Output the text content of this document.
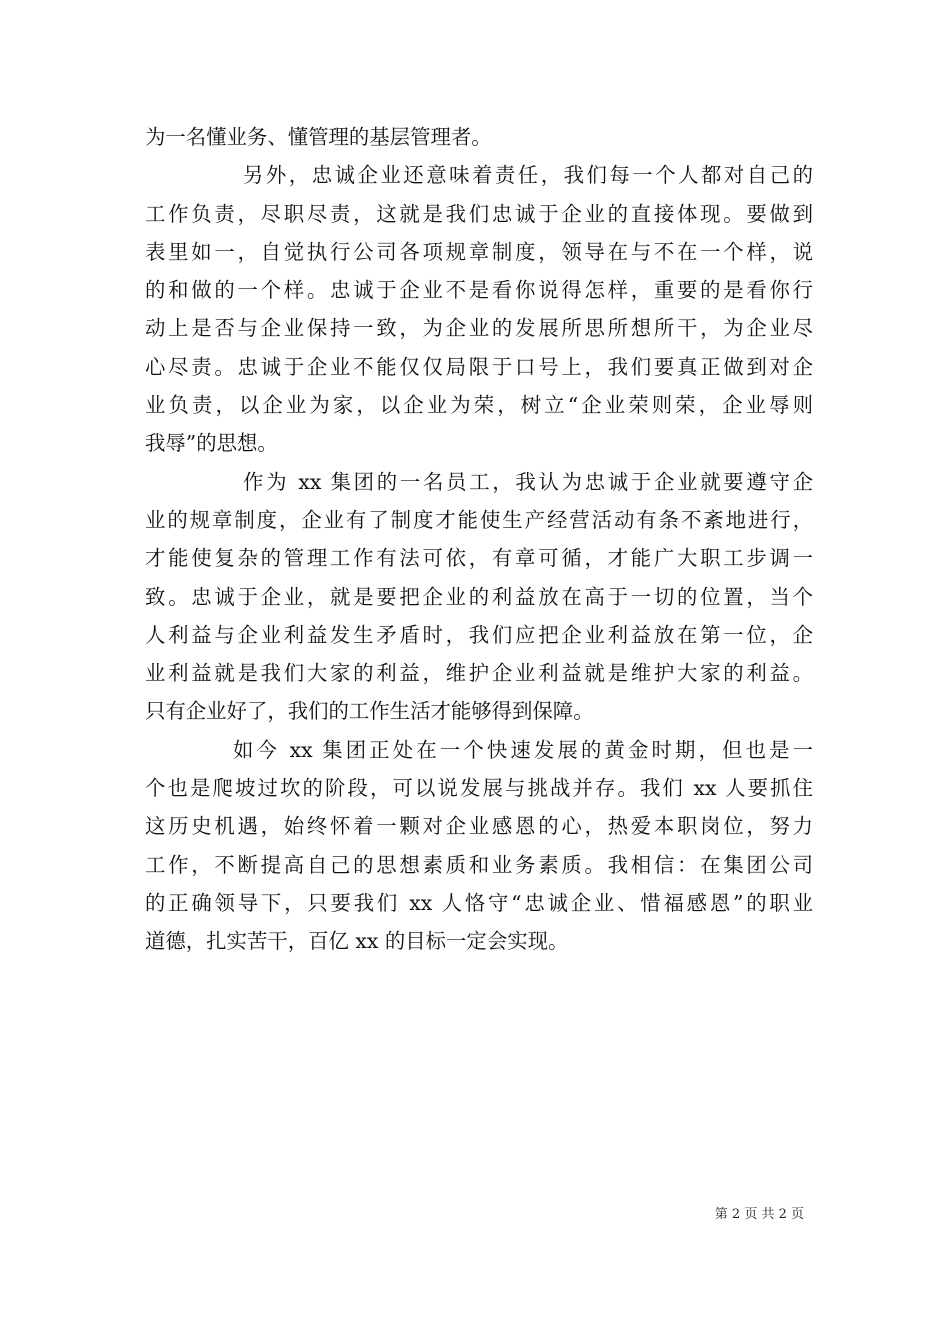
为一名懂业务、懂管理的基层管理者。
另外，忠诚企业还意味着责任，我们每一个人都对自己的
工作负责，尽职尽责，这就是我们忠诚于企业的直接体现。要做到
表里如一，自觉执行公司各项规章制度，领导在与不在一个样，说
的和做的一个样。忠诚于企业不是看你说得怎样，重要的是看你行
动上是否与企业保持一致，为企业的发展所思所想所干，为企业尽
心尽责。忠诚于企业不能仅仅局限于口号上，我们要真正做到对企
业负责，以企业为家，以企业为荣，树立“企业荣则荣，企业辱则
我辱”的思想。
作为 xx 集团的一名员工，我认为忠诚于企业就要遵守企
业的规章制度，企业有了制度才能使生产经营活动有条不紊地进行，
才能使复杂的管理工作有法可依，有章可循，才能广大职工步调一
致。忠诚于企业，就是要把企业的利益放在高于一切的位置，当个
人利益与企业利益发生矛盾时，我们应把企业利益放在第一位，企
业利益就是我们大家的利益，维护企业利益就是维护大家的利益。
只有企业好了，我们的工作生活才能够得到保障。
如今 xx 集团正处在一个快速发展的黄金时期，但也是一
个也是爬坡过坎的阶段，可以说发展与挑战并存。我们 xx 人要抓住
这历史机遇，始终怀着一颗对企业感恩的心，热爱本职岗位，努力
工作，不断提高自己的思想素质和业务素质。我相信：在集团公司
的正确领导下，只要我们 xx 人恪守“忠诚企业、惜福感恩”的职业
道德，扎实苦干，百亿 xx 的目标一定会实现。
第 2 页 共 2 页
